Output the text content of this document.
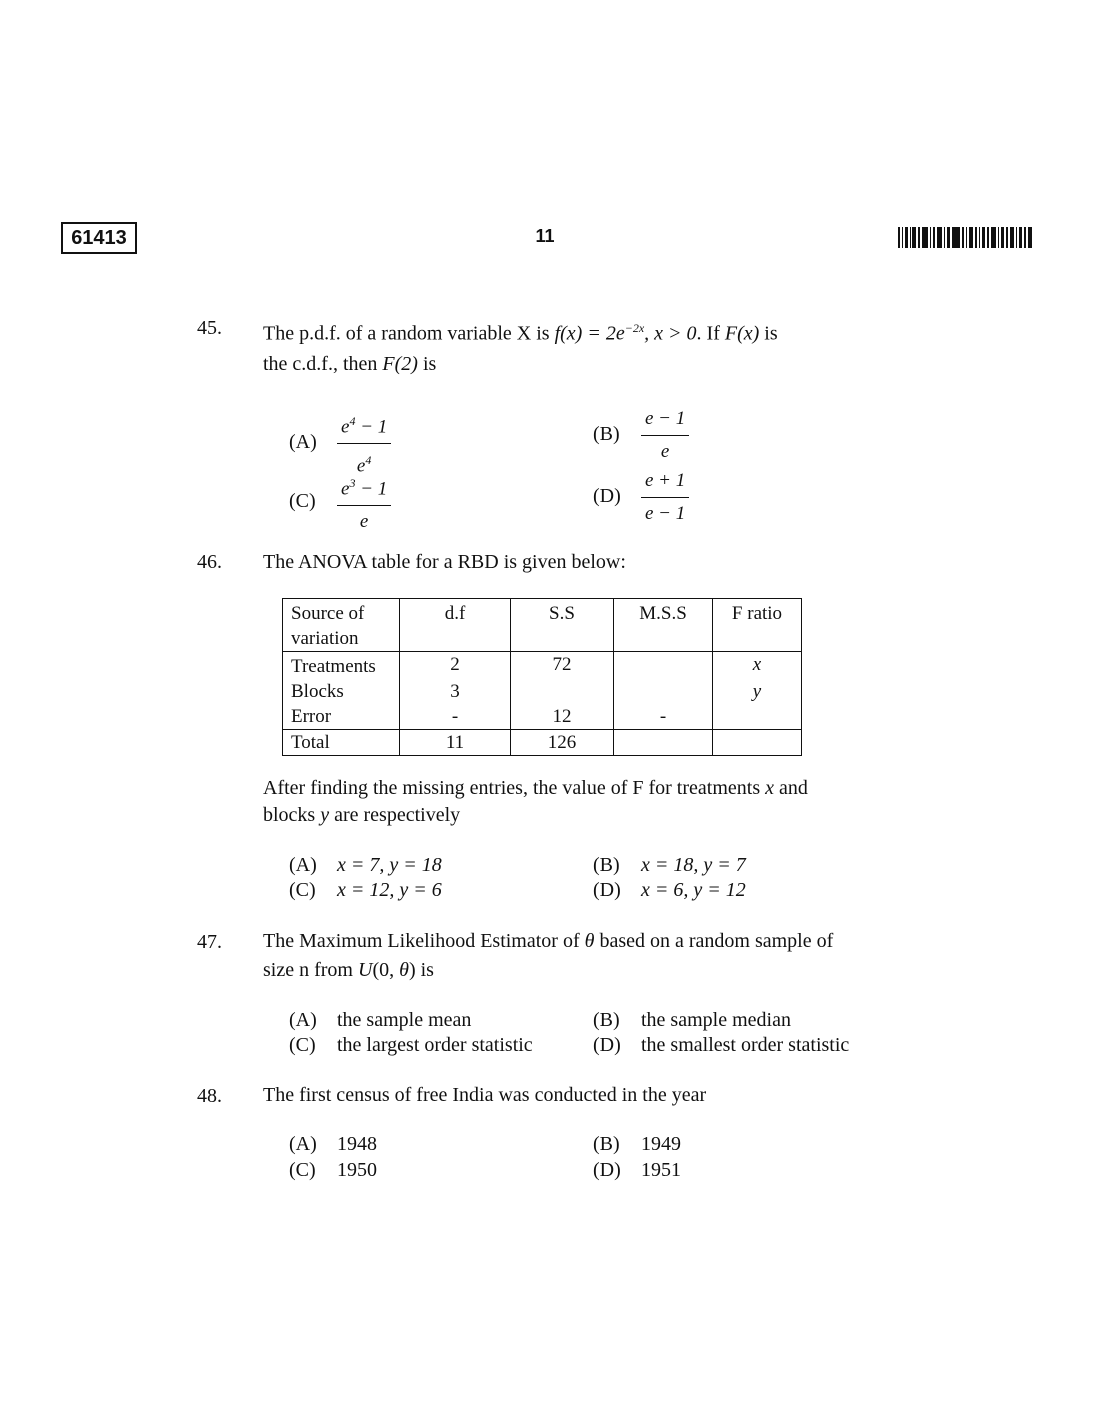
61413	11
45. The p.d.f. of a random variable X is $f(x) = 2e^{-2x}$, x > 0. If F(x) is
the c.d.f., then F(2) is
$(A) \frac{e^4 - 1}{e^4}$	$(B) \frac{e - 1}{e}$
$(C) \frac{e^3 - 1}{e}$	$(D) \frac{e + 1}{e - 1}$
46. The ANOVA table for a RBD is given below:
Source of variation	d.f	S.S	M.S.S	F ratio
Treatments	2	72		x
Blocks	3			y
Error	-	12	-	
Total	11	126		
After finding the missing entries, the value of F for treatments x and
blocks y are respectively
(A) x = 7, y = 18	(B) x = 18, y = 7
(C) x = 12, y = 6	(D) x = 6, y = 12
47. The Maximum Likelihood Estimator of θ based on a random sample of
size n from U(0, θ) is
(A) the sample mean	(B) the sample median
(C) the largest order statistic	(D) the smallest order statistic
48. The first census of free India was conducted in the year
(A) 1948	(B) 1949
(C) 1950	(D) 1951
